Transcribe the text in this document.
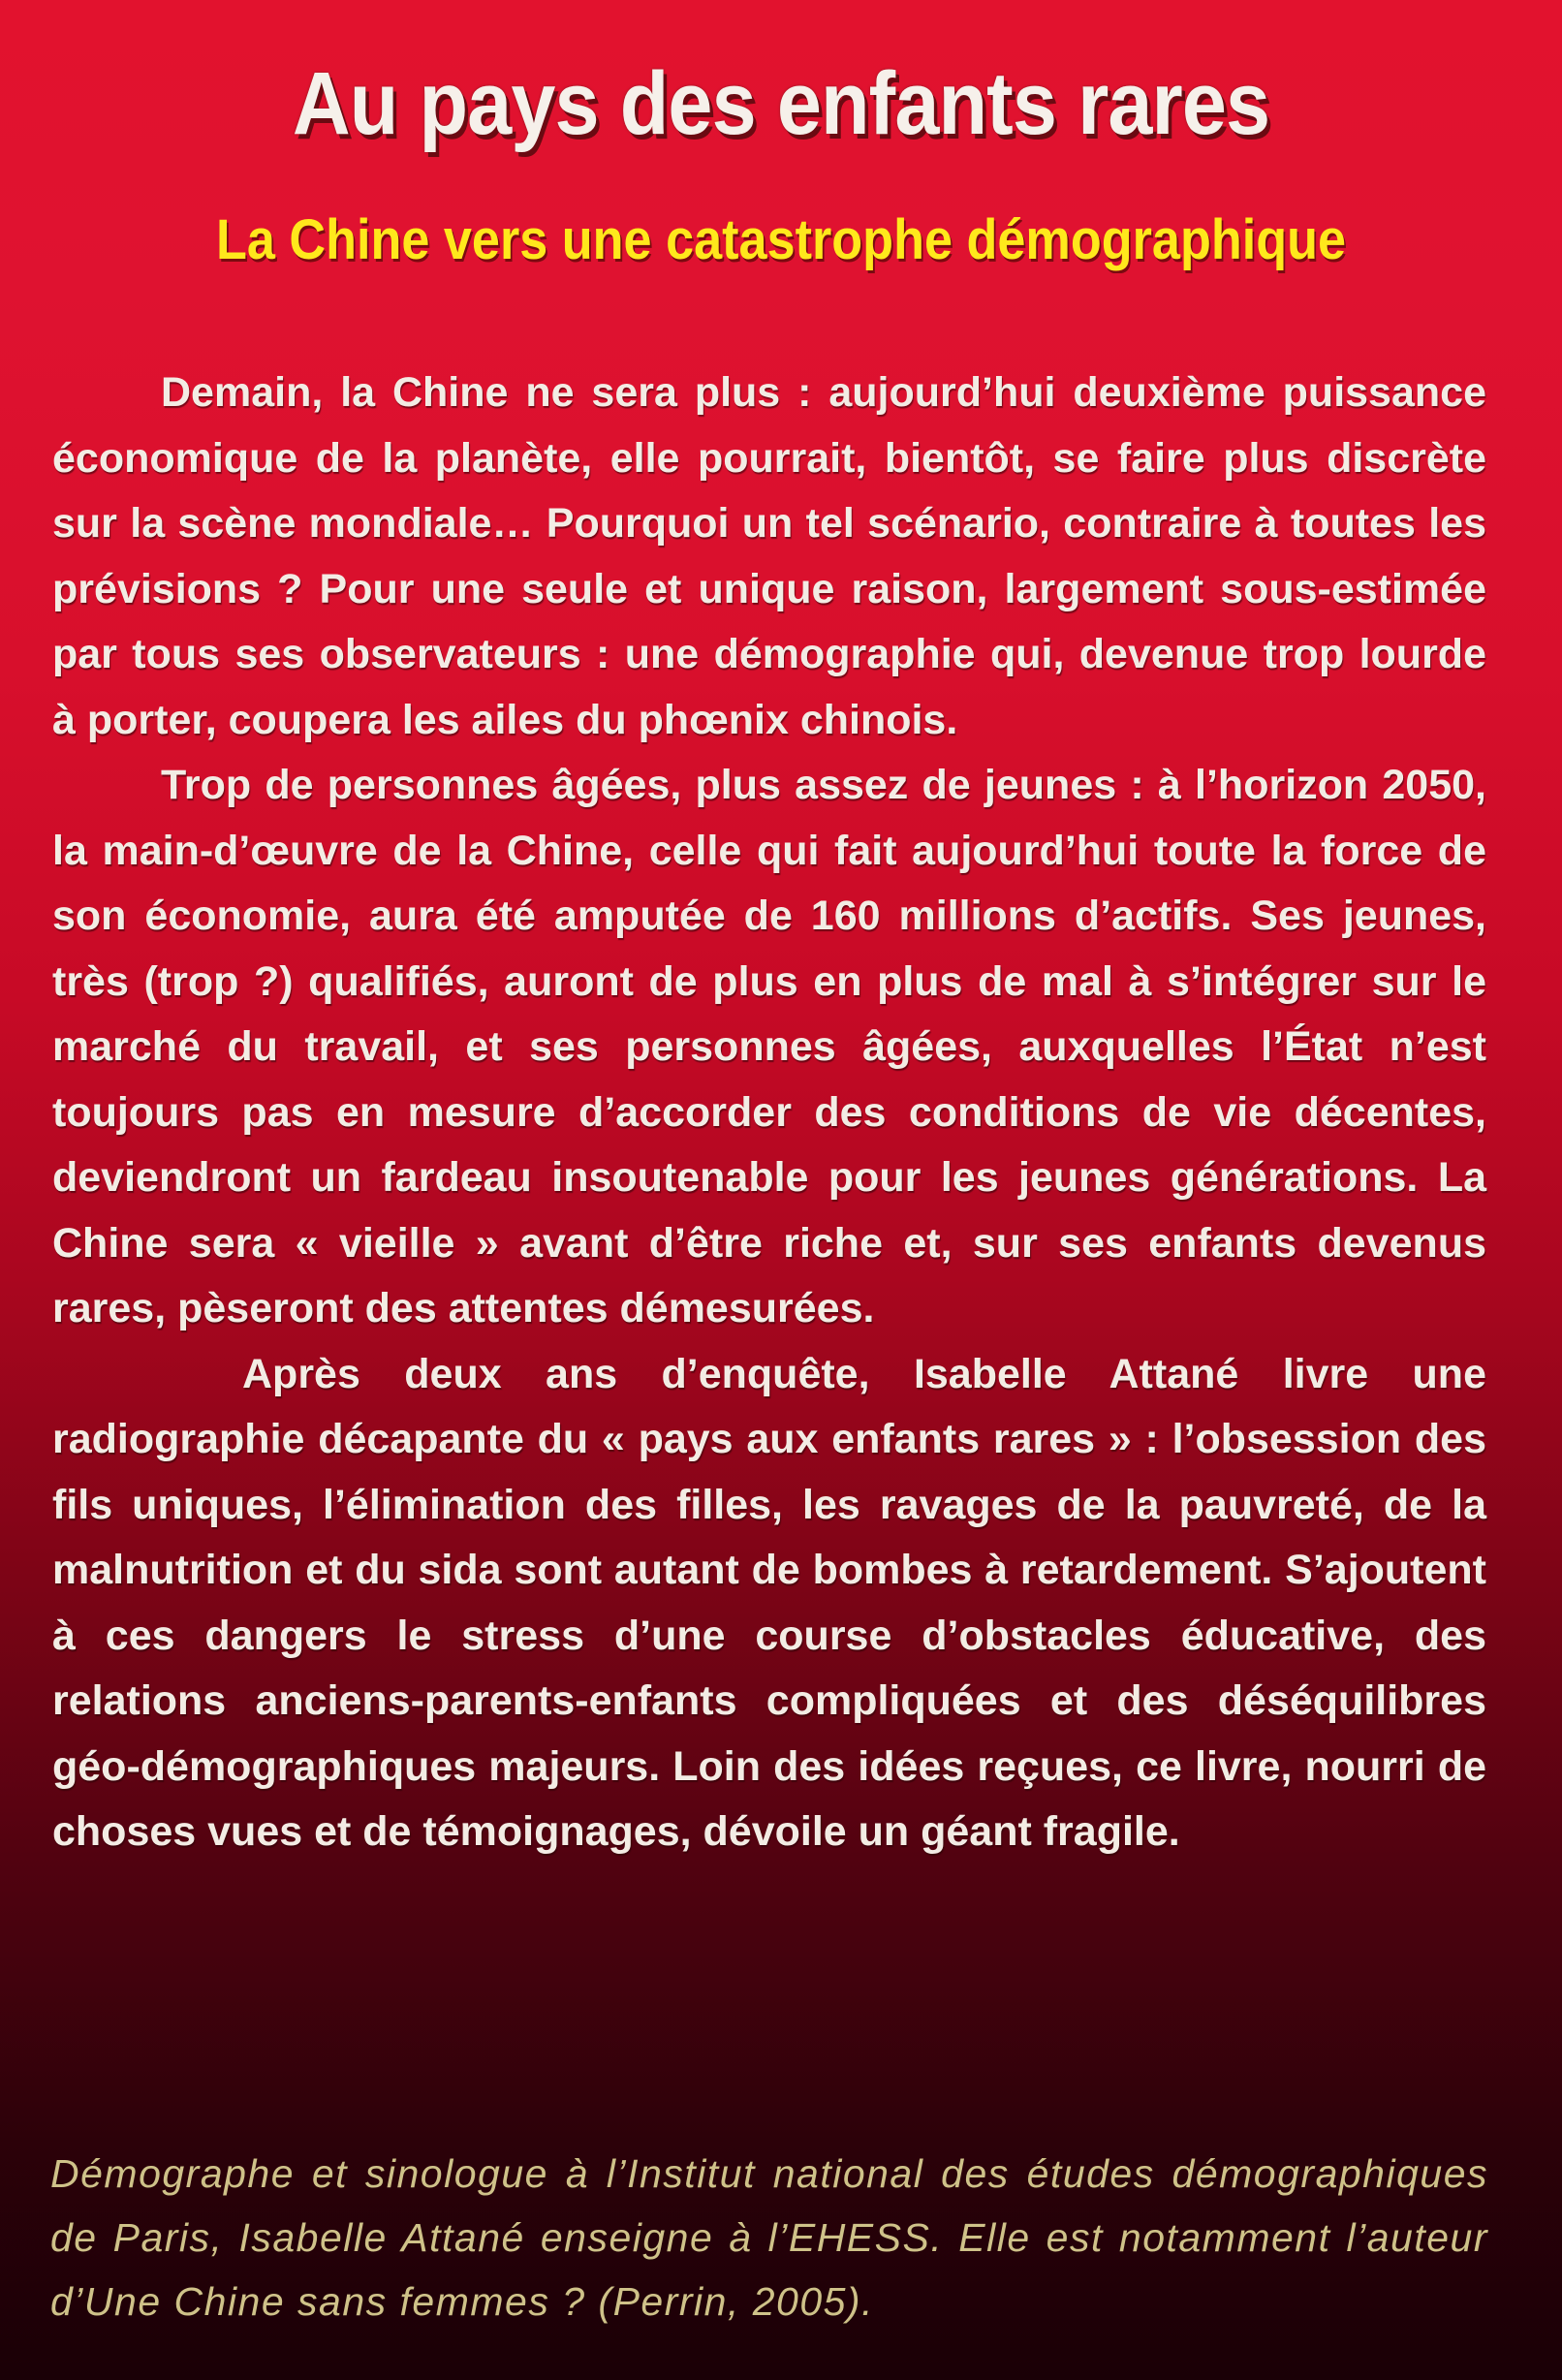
Au pays des enfants rares
La Chine vers une catastrophe démographique

Demain, la Chine ne sera plus : aujourd’hui deuxième puissance économique de la planète, elle pourrait, bientôt, se faire plus discrète sur la scène mondiale… Pourquoi un tel scénario, contraire à toutes les prévisions ? Pour une seule et unique raison, largement sous-estimée par tous ses observateurs : une démographie qui, devenue trop lourde à porter, coupera les ailes du phœnix chinois.

Trop de personnes âgées, plus assez de jeunes : à l’horizon 2050, la main-d’œuvre de la Chine, celle qui fait aujourd’hui toute la force de son économie, aura été amputée de 160 millions d’actifs. Ses jeunes, très (trop ?) qualifiés, auront de plus en plus de mal à s’intégrer sur le marché du travail, et ses personnes âgées, auxquelles l’État n’est toujours pas en mesure d’accorder des conditions de vie décentes, deviendront un fardeau insoutenable pour les jeunes générations. La Chine sera « vieille » avant d’être riche et, sur ses enfants devenus rares, pèseront des attentes démesurées.

Après deux ans d’enquête, Isabelle Attané livre une radiographie décapante du « pays aux enfants rares » : l’obsession des fils uniques, l’élimination des filles, les ravages de la pauvreté, de la malnutrition et du sida sont autant de bombes à retardement. S’ajoutent à ces dangers le stress d’une course d’obstacles éducative, des relations anciens-parents-enfants compliquées et des déséquilibres géo-démographiques majeurs. Loin des idées reçues, ce livre, nourri de choses vues et de témoignages, dévoile un géant fragile.

Démographe et sinologue à l’Institut national des études démographiques de Paris, Isabelle Attané enseigne à l’EHESS. Elle est notamment l’auteur d’Une Chine sans femmes ? (Perrin, 2005).
